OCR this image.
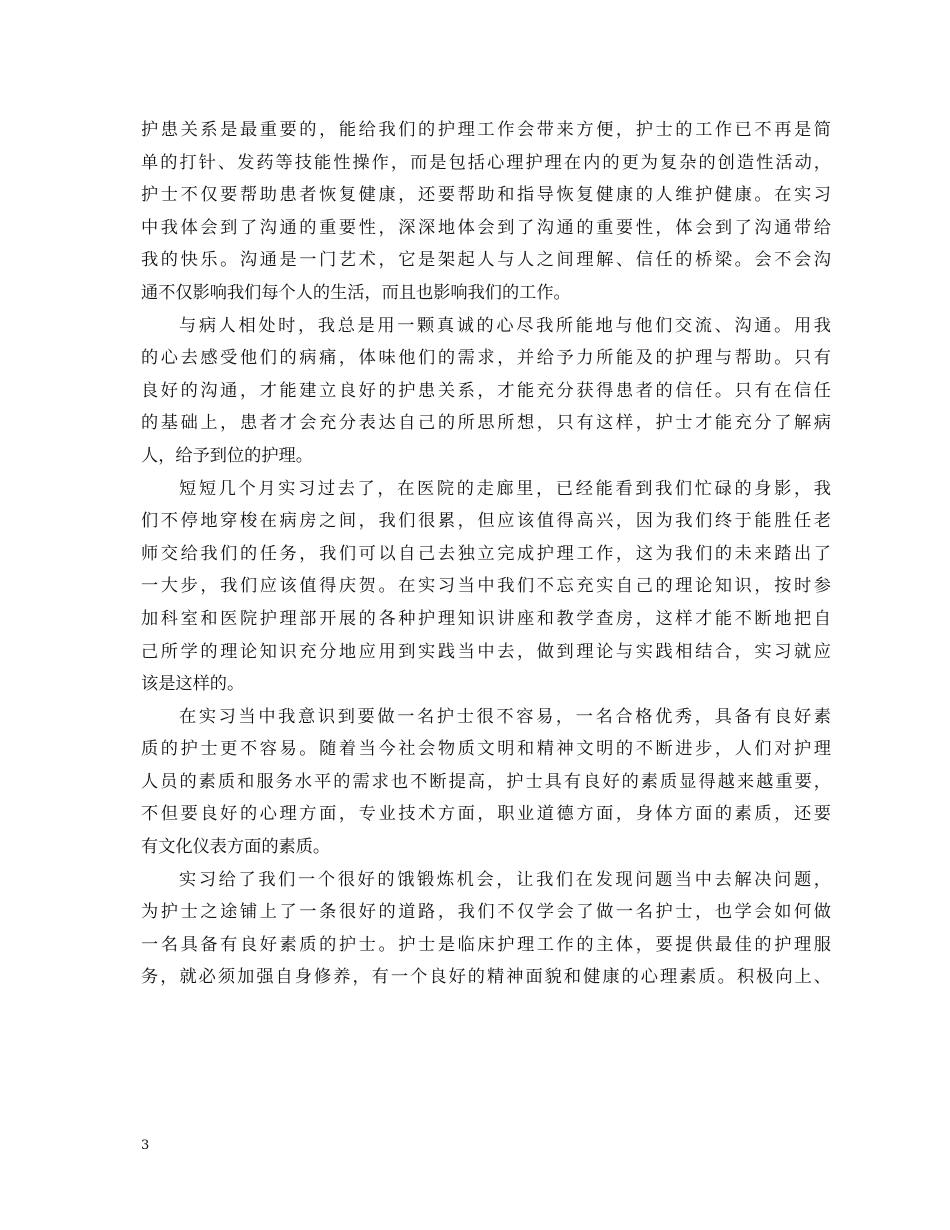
护患关系是最重要的，能给我们的护理工作会带来方便，护士的工作已不再是简
单的打针、发药等技能性操作，而是包括心理护理在内的更为复杂的创造性活动，
护士不仅要帮助患者恢复健康，还要帮助和指导恢复健康的人维护健康。在实习
中我体会到了沟通的重要性，深深地体会到了沟通的重要性，体会到了沟通带给
我的快乐。沟通是一门艺术，它是架起人与人之间理解、信任的桥梁。会不会沟
通不仅影响我们每个人的生活，而且也影响我们的工作。
与病人相处时，我总是用一颗真诚的心尽我所能地与他们交流、沟通。用我
的心去感受他们的病痛，体味他们的需求，并给予力所能及的护理与帮助。只有
良好的沟通，才能建立良好的护患关系，才能充分获得患者的信任。只有在信任
的基础上，患者才会充分表达自己的所思所想，只有这样，护士才能充分了解病
人，给予到位的护理。
短短几个月实习过去了，在医院的走廊里，已经能看到我们忙碌的身影，我
们不停地穿梭在病房之间，我们很累，但应该值得高兴，因为我们终于能胜任老
师交给我们的任务，我们可以自己去独立完成护理工作，这为我们的未来踏出了
一大步，我们应该值得庆贺。在实习当中我们不忘充实自己的理论知识，按时参
加科室和医院护理部开展的各种护理知识讲座和教学查房，这样才能不断地把自
己所学的理论知识充分地应用到实践当中去，做到理论与实践相结合，实习就应
该是这样的。
在实习当中我意识到要做一名护士很不容易，一名合格优秀，具备有良好素
质的护士更不容易。随着当今社会物质文明和精神文明的不断进步，人们对护理
人员的素质和服务水平的需求也不断提高，护士具有良好的素质显得越来越重要，
不但要良好的心理方面，专业技术方面，职业道德方面，身体方面的素质，还要
有文化仪表方面的素质。
实习给了我们一个很好的饿锻炼机会，让我们在发现问题当中去解决问题，
为护士之途铺上了一条很好的道路，我们不仅学会了做一名护士，也学会如何做
一名具备有良好素质的护士。护士是临床护理工作的主体，要提供最佳的护理服
务，就必须加强自身修养，有一个良好的精神面貌和健康的心理素质。积极向上、
3
